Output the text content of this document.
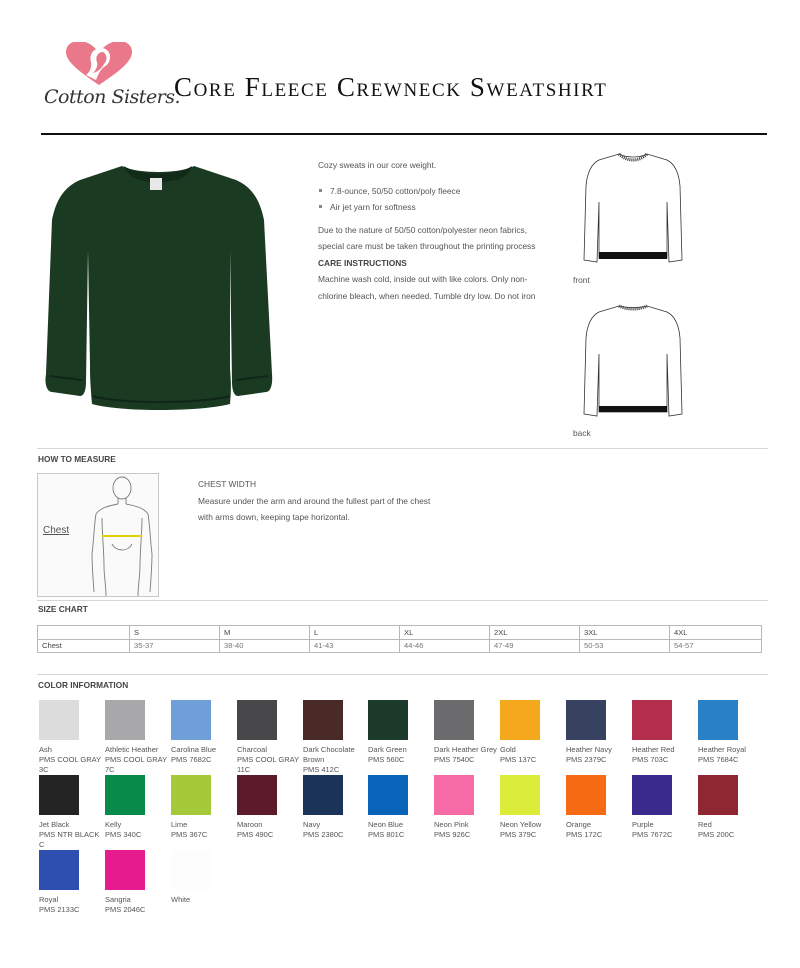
Cotton Sisters.
Core Fleece Crewneck Sweatshirt

Cozy sweats in our core weight.

7.8-ounce, 50/50 cotton/poly fleece
Air jet yarn for softness

Due to the nature of 50/50 cotton/polyester neon fabrics,

special care must be taken throughout the printing process

CARE INSTRUCTIONS

Machine wash cold, inside out with like colors. Only non-

chlorine bleach, when needed. Tumble dry low. Do not iron

front
back
HOW TO MEASURE
Chest

CHEST WIDTH

Measure under the arm and around the fullest part of the chest

with arms down, keeping tape horizontal.

SIZE CHART
	S	M	L	XL	2XL	3XL	4XL
Chest	35-37	38-40	41-43	44-46	47-49	50-53	54-57
COLOR INFORMATION
Ash
PMS COOL GRAY
3C
Athletic Heather
PMS COOL GRAY
7C
Carolina Blue
PMS 7682C
Charcoal
PMS COOL GRAY
11C
Dark Chocolate
Brown
PMS 412C
Dark Green
PMS 560C
Dark Heather Grey
PMS 7540C
Gold
PMS 137C
Heather Navy
PMS 2379C
Heather Red
PMS 703C
Heather Royal
PMS 7684C
Jet Black
PMS NTR BLACK
C
Kelly
PMS 340C
Lime
PMS 367C
Maroon
PMS 490C
Navy
PMS 2380C
Neon Blue
PMS 801C
Neon Pink
PMS 926C
Neon Yellow
PMS 379C
Orange
PMS 172C
Purple
PMS 7672C
Red
PMS 200C
Royal
PMS 2133C
Sangria
PMS 2046C
White
